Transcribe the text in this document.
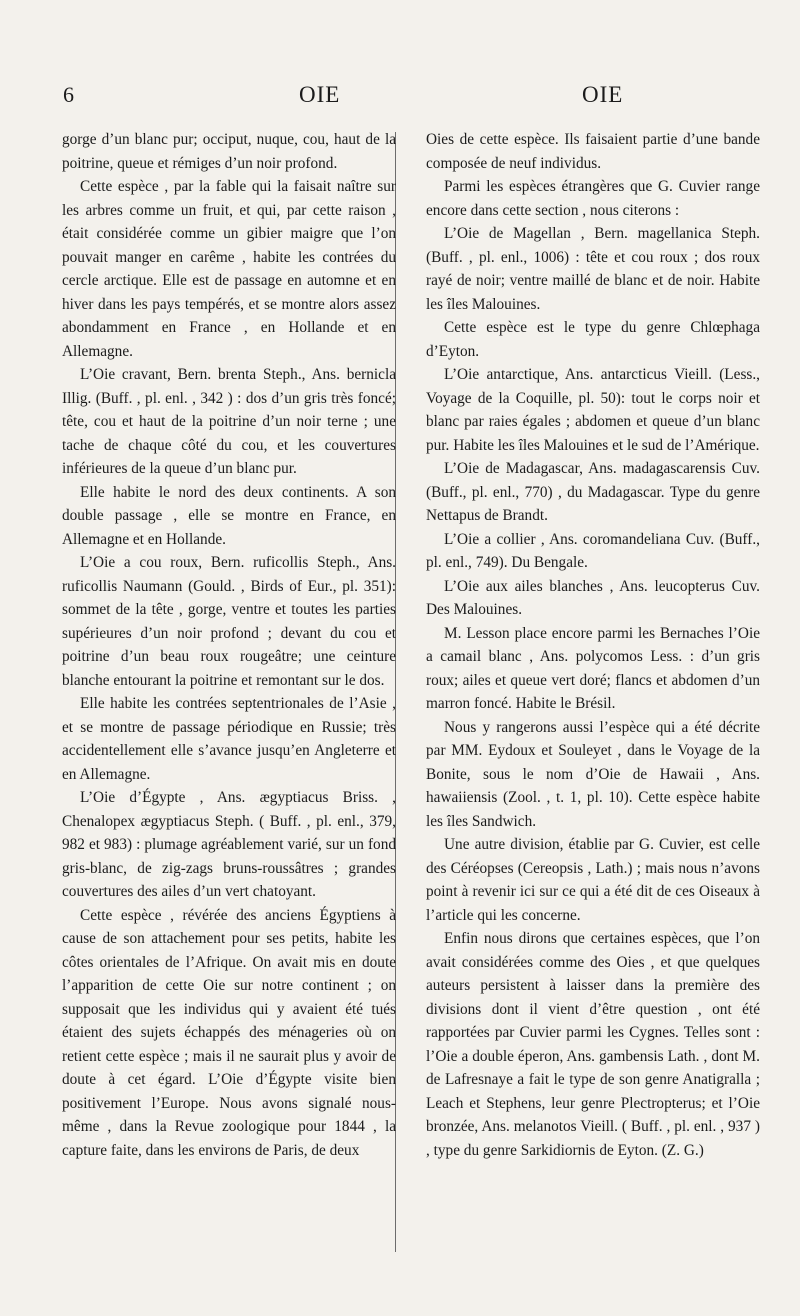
6	OIE	OIE

gorge d’un blanc pur; occiput, nuque, cou, haut de la poitrine, queue et rémiges d’un noir profond.

Cette espèce , par la fable qui la faisait naître sur les arbres comme un fruit, et qui, par cette raison , était considérée comme un gibier maigre que l’on pouvait manger en carême , habite les contrées du cercle arctique. Elle est de passage en automne et en hiver dans les pays tempérés, et se montre alors assez abondamment en France , en Hollande et en Allemagne.

L’Oie cravant, Bern. brenta Steph., Ans. bernicla Illig. (Buff. , pl. enl. , 342 ) : dos d’un gris très foncé; tête, cou et haut de la poitrine d’un noir terne ; une tache de chaque côté du cou, et les couvertures inférieures de la queue d’un blanc pur.

Elle habite le nord des deux continents. A son double passage , elle se montre en France, en Allemagne et en Hollande.

L’Oie a cou roux, Bern. ruficollis Steph., Ans. ruficollis Naumann (Gould. , Birds of Eur., pl. 351): sommet de la tête , gorge, ventre et toutes les parties supérieures d’un noir profond ; devant du cou et poitrine d’un beau roux rougeâtre; une ceinture blanche entourant la poitrine et remontant sur le dos.

Elle habite les contrées septentrionales de l’Asie , et se montre de passage périodique en Russie; très accidentellement elle s’avance jusqu’en Angleterre et en Allemagne.

L’Oie d’Égypte , Ans. ægyptiacus Briss. , Chenalopex ægyptiacus Steph. ( Buff. , pl. enl., 379, 982 et 983) : plumage agréablement varié, sur un fond gris-blanc, de zig-zags bruns-roussâtres ; grandes couvertures des ailes d’un vert chatoyant.

Cette espèce , révérée des anciens Égyptiens à cause de son attachement pour ses petits, habite les côtes orientales de l’Afrique. On avait mis en doute l’apparition de cette Oie sur notre continent ; on supposait que les individus qui y avaient été tués étaient des sujets échappés des ménageries où on retient cette espèce ; mais il ne saurait plus y avoir de doute à cet égard. L’Oie d’Égypte visite bien positivement l’Europe. Nous avons signalé nous-même , dans la Revue zoologique pour 1844 , la capture faite, dans les environs de Paris, de deux

Oies de cette espèce. Ils faisaient partie d’une bande composée de neuf individus.

Parmi les espèces étrangères que G. Cuvier range encore dans cette section , nous citerons :

L’Oie de Magellan , Bern. magellanica Steph. (Buff. , pl. enl., 1006) : tête et cou roux ; dos roux rayé de noir; ventre maillé de blanc et de noir. Habite les îles Malouines.

Cette espèce est le type du genre Chlœphaga d’Eyton.

L’Oie antarctique, Ans. antarcticus Vieill. (Less., Voyage de la Coquille, pl. 50): tout le corps noir et blanc par raies égales ; abdomen et queue d’un blanc pur. Habite les îles Malouines et le sud de l’Amérique.

L’Oie de Madagascar, Ans. madagascarensis Cuv. (Buff., pl. enl., 770) , du Madagascar. Type du genre Nettapus de Brandt.

L’Oie a collier , Ans. coromandeliana Cuv. (Buff., pl. enl., 749). Du Bengale.

L’Oie aux ailes blanches , Ans. leucopterus Cuv. Des Malouines.

M. Lesson place encore parmi les Bernaches l’Oie a camail blanc , Ans. polycomos Less. : d’un gris roux; ailes et queue vert doré; flancs et abdomen d’un marron foncé. Habite le Brésil.

Nous y rangerons aussi l’espèce qui a été décrite par MM. Eydoux et Souleyet , dans le Voyage de la Bonite, sous le nom d’Oie de Hawaii , Ans. hawaiiensis (Zool. , t. 1, pl. 10). Cette espèce habite les îles Sandwich.

Une autre division, établie par G. Cuvier, est celle des Céréopses (Cereopsis , Lath.) ; mais nous n’avons point à revenir ici sur ce qui a été dit de ces Oiseaux à l’article qui les concerne.

Enfin nous dirons que certaines espèces, que l’on avait considérées comme des Oies , et que quelques auteurs persistent à laisser dans la première des divisions dont il vient d’être question , ont été rapportées par Cuvier parmi les Cygnes. Telles sont : l’Oie a double éperon, Ans. gambensis Lath. , dont M. de Lafresnaye a fait le type de son genre Anatigralla ; Leach et Stephens, leur genre Plectropterus; et l’Oie bronzée, Ans. melanotos Vieill. ( Buff. , pl. enl. , 937 ) , type du genre Sarkidiornis de Eyton. (Z. G.)
